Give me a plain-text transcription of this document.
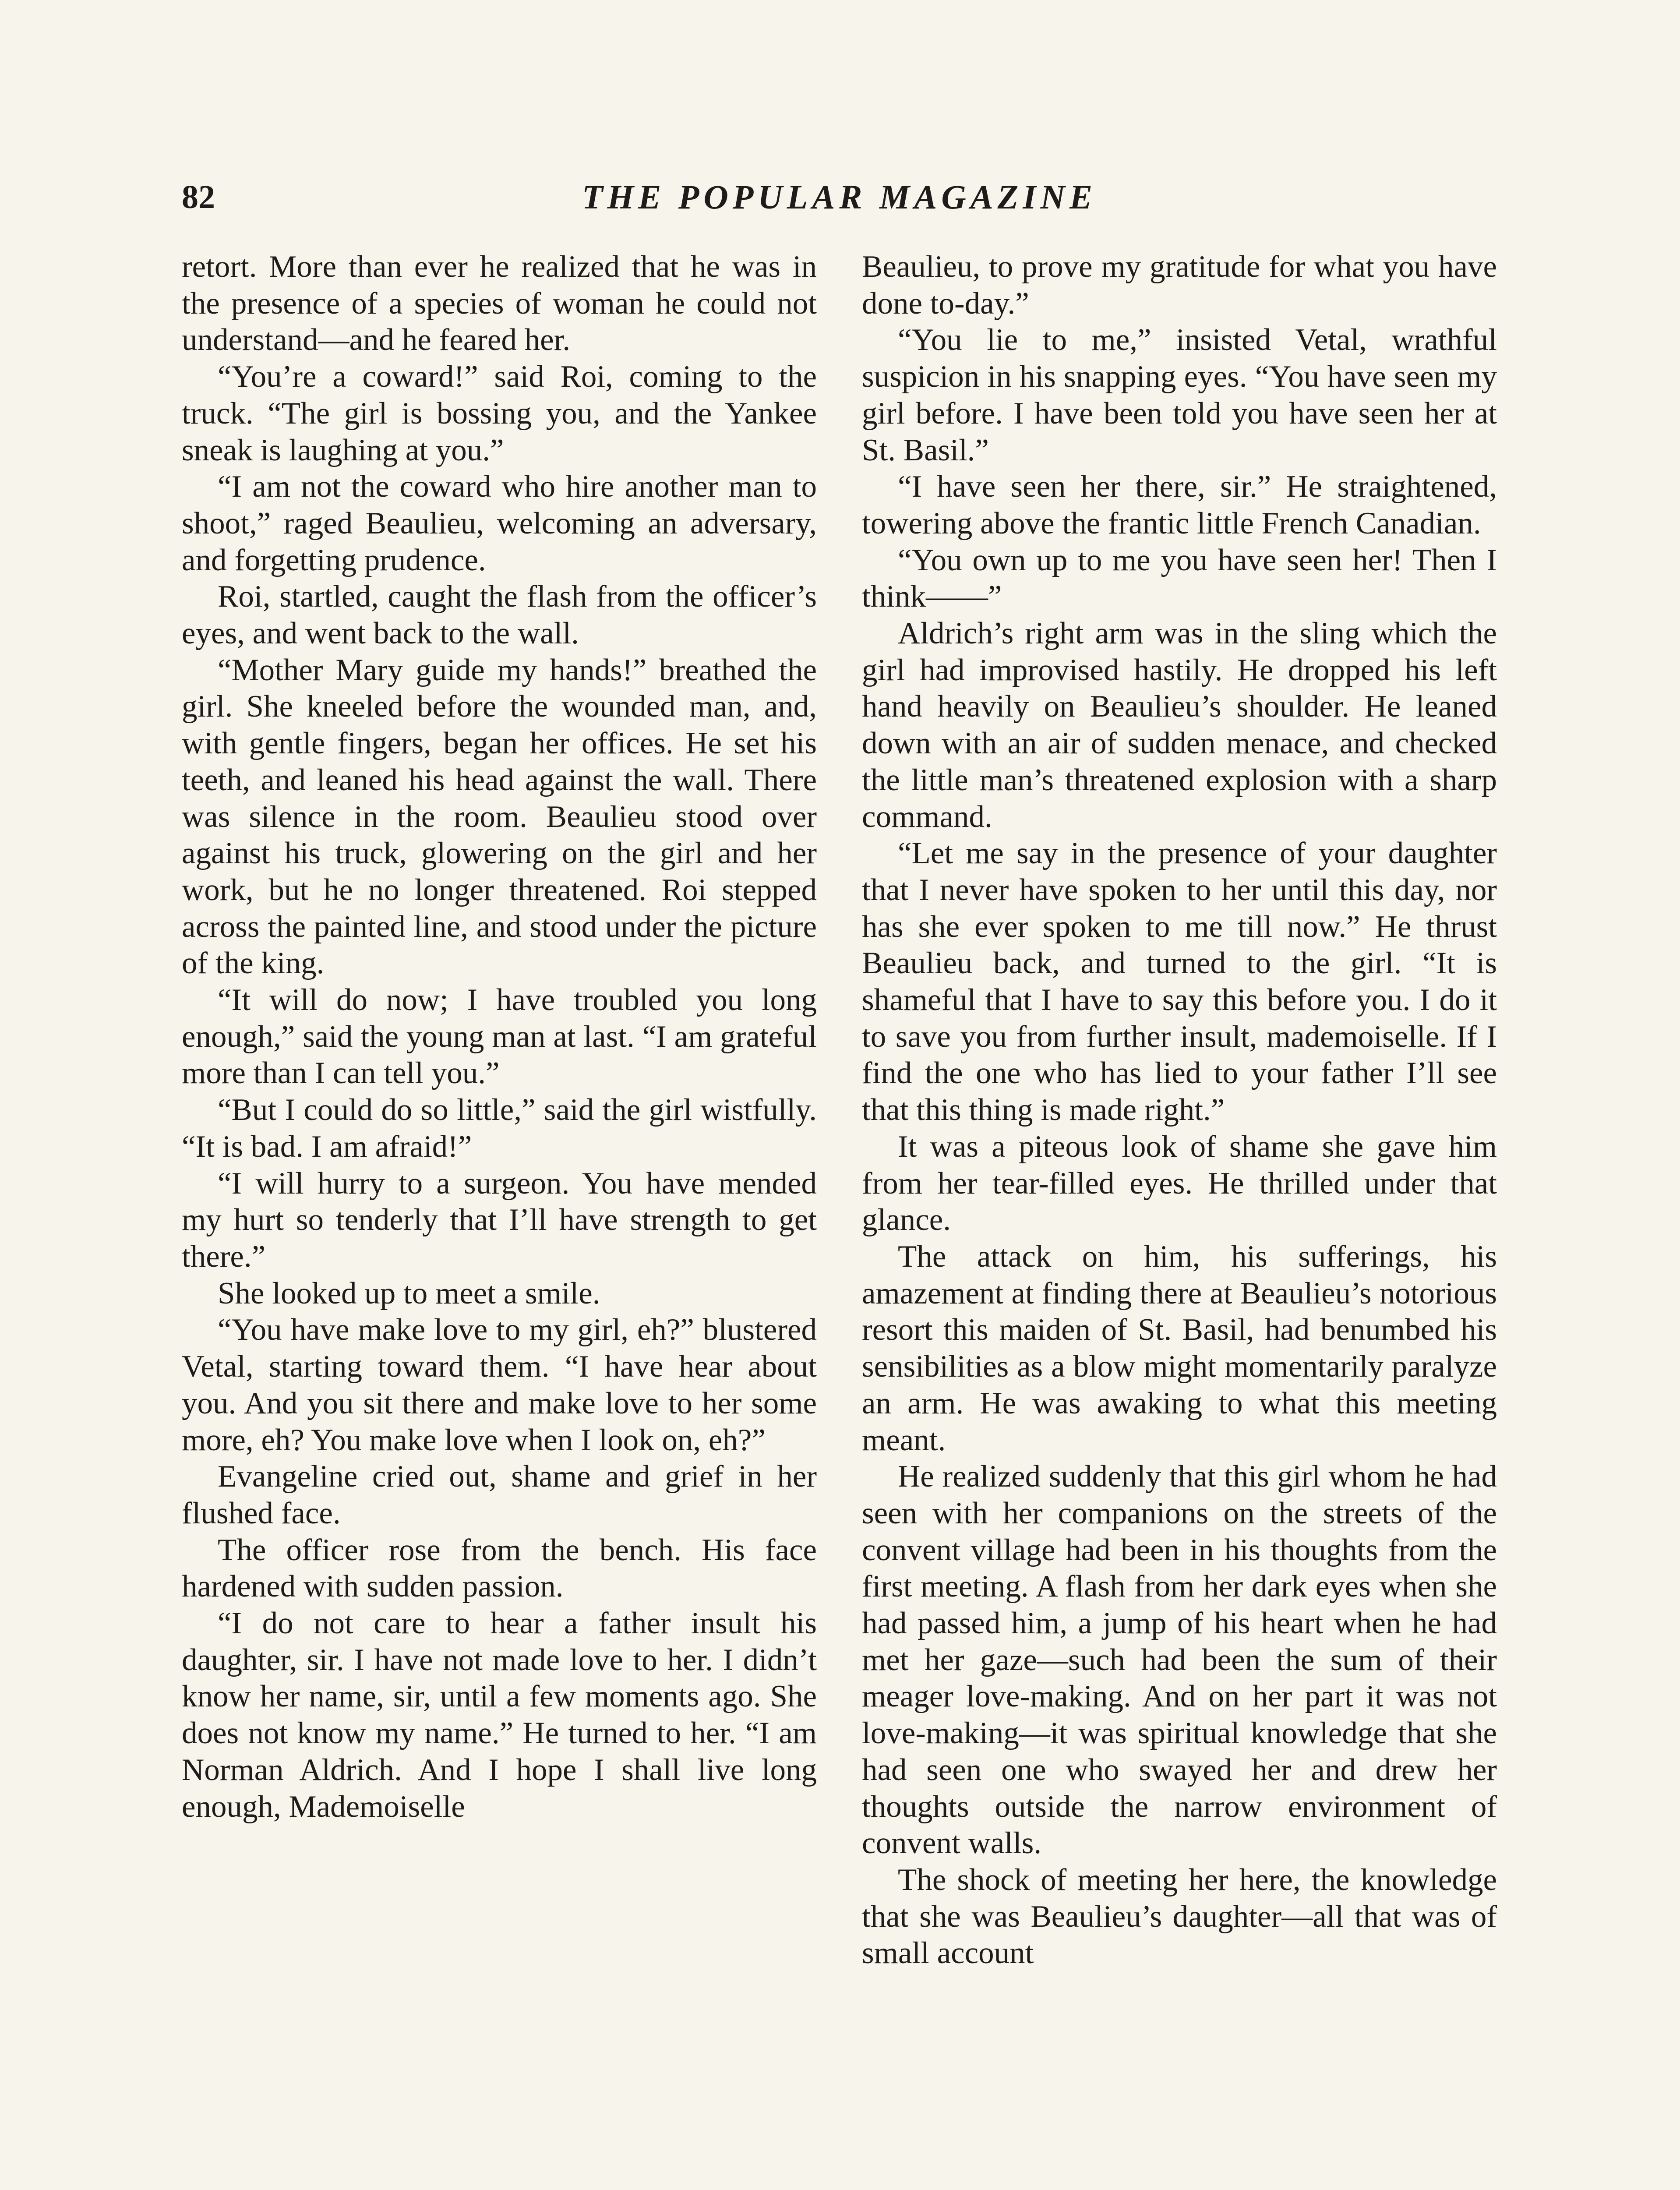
82	THE POPULAR MAGAZINE

retort. More than ever he realized that he was in the presence of a species of woman he could not understand—and he feared her.

“You’re a coward!” said Roi, coming to the truck. “The girl is bossing you, and the Yankee sneak is laughing at you.”

“I am not the coward who hire another man to shoot,” raged Beaulieu, welcoming an adversary, and forgetting prudence.

Roi, startled, caught the flash from the officer’s eyes, and went back to the wall.

“Mother Mary guide my hands!” breathed the girl. She kneeled before the wounded man, and, with gentle fingers, began her offices. He set his teeth, and leaned his head against the wall. There was silence in the room. Beaulieu stood over against his truck, glowering on the girl and her work, but he no longer threatened. Roi stepped across the painted line, and stood under the picture of the king.

“It will do now; I have troubled you long enough,” said the young man at last. “I am grateful more than I can tell you.”

“But I could do so little,” said the girl wistfully. “It is bad. I am afraid!”

“I will hurry to a surgeon. You have mended my hurt so tenderly that I’ll have strength to get there.”

She looked up to meet a smile.

“You have make love to my girl, eh?” blustered Vetal, starting toward them. “I have hear about you. And you sit there and make love to her some more, eh? You make love when I look on, eh?”

Evangeline cried out, shame and grief in her flushed face.

The officer rose from the bench. His face hardened with sudden passion.

“I do not care to hear a father insult his daughter, sir. I have not made love to her. I didn’t know her name, sir, until a few moments ago. She does not know my name.” He turned to her. “I am Norman Aldrich. And I hope I shall live long enough, Mademoiselle

Beaulieu, to prove my gratitude for what you have done to-day.”

“You lie to me,” insisted Vetal, wrathful suspicion in his snapping eyes. “You have seen my girl before. I have been told you have seen her at St. Basil.”

“I have seen her there, sir.” He straightened, towering above the frantic little French Canadian.

“You own up to me you have seen her! Then I think——”

Aldrich’s right arm was in the sling which the girl had improvised hastily. He dropped his left hand heavily on Beaulieu’s shoulder. He leaned down with an air of sudden menace, and checked the little man’s threatened explosion with a sharp command.

“Let me say in the presence of your daughter that I never have spoken to her until this day, nor has she ever spoken to me till now.” He thrust Beaulieu back, and turned to the girl. “It is shameful that I have to say this before you. I do it to save you from further insult, mademoiselle. If I find the one who has lied to your father I’ll see that this thing is made right.”

It was a piteous look of shame she gave him from her tear-filled eyes. He thrilled under that glance.

The attack on him, his sufferings, his amazement at finding there at Beaulieu’s notorious resort this maiden of St. Basil, had benumbed his sensibilities as a blow might momentarily paralyze an arm. He was awaking to what this meeting meant.

He realized suddenly that this girl whom he had seen with her companions on the streets of the convent village had been in his thoughts from the first meeting. A flash from her dark eyes when she had passed him, a jump of his heart when he had met her gaze—such had been the sum of their meager love-making. And on her part it was not love-making—it was spiritual knowledge that she had seen one who swayed her and drew her thoughts outside the narrow environment of convent walls.

The shock of meeting her here, the knowledge that she was Beaulieu’s daughter—all that was of small account
